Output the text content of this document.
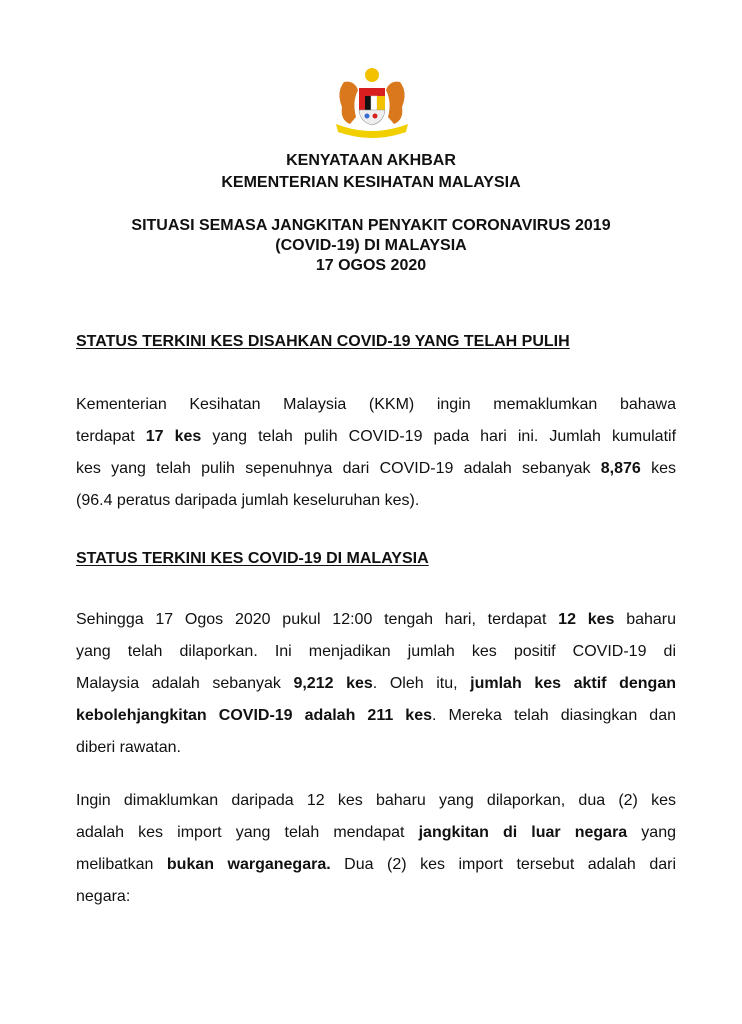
KENYATAAN AKHBAR
KEMENTERIAN KESIHATAN MALAYSIA
SITUASI SEMASA JANGKITAN PENYAKIT CORONAVIRUS 2019
(COVID-19) DI MALAYSIA
17 OGOS 2020
STATUS TERKINI KES DISAHKAN COVID-19 YANG TELAH PULIH
Kementerian Kesihatan Malaysia (KKM) ingin memaklumkan bahawa
terdapat 17 kes yang telah pulih COVID-19 pada hari ini. Jumlah kumulatif
kes yang telah pulih sepenuhnya dari COVID-19 adalah sebanyak 8,876 kes
(96.4 peratus daripada jumlah keseluruhan kes).
STATUS TERKINI KES COVID-19 DI MALAYSIA
Sehingga 17 Ogos 2020 pukul 12:00 tengah hari, terdapat 12 kes baharu
yang telah dilaporkan. Ini menjadikan jumlah kes positif COVID-19 di
Malaysia adalah sebanyak 9,212 kes. Oleh itu, jumlah kes aktif dengan
kebolehjangkitan COVID-19 adalah 211 kes. Mereka telah diasingkan dan
diberi rawatan.
Ingin dimaklumkan daripada 12 kes baharu yang dilaporkan, dua (2) kes
adalah kes import yang telah mendapat jangkitan di luar negara yang
melibatkan bukan warganegara. Dua (2) kes import tersebut adalah dari
negara:
